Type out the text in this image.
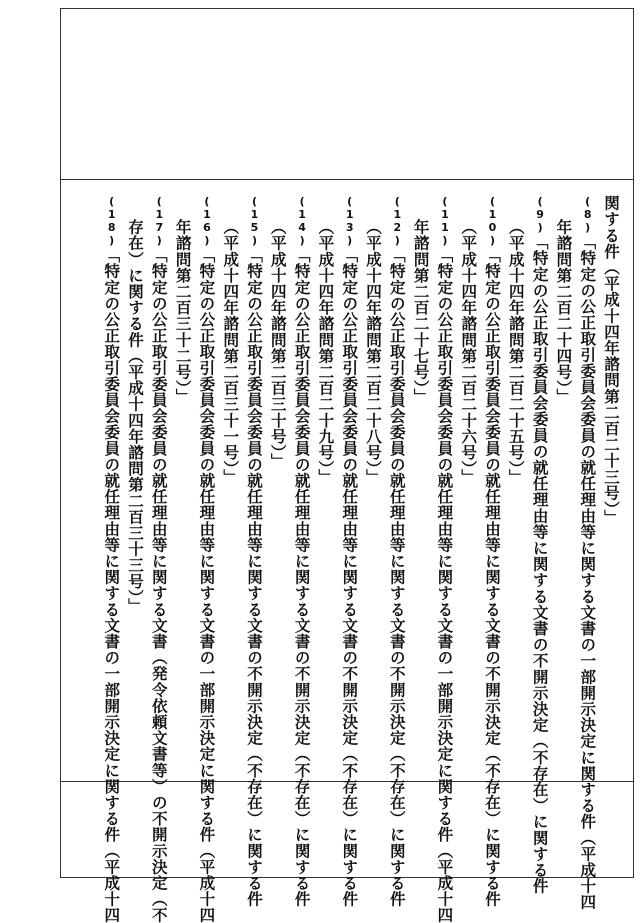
関する件（平成十四年諮問第二百二十三号）」
(8)「特定の公正取引委員会委員の就任理由等に関する文書の一部開示決定に関する件（平成十四
年諮問第二百二十四号）」
(9)「特定の公正取引委員会委員の就任理由等に関する文書の不開示決定（不存在）に関する件
（平成十四年諮問第二百二十五号）」
(10)「特定の公正取引委員会委員の就任理由等に関する文書の不開示決定（不存在）に関する件
（平成十四年諮問第二百二十六号）」
(11)「特定の公正取引委員会委員の就任理由等に関する文書の一部開示決定に関する件（平成十四
年諮問第二百二十七号）」
(12)「特定の公正取引委員会委員の就任理由等に関する文書の不開示決定（不存在）に関する件
（平成十四年諮問第二百二十八号）」
(13)「特定の公正取引委員会委員の就任理由等に関する文書の不開示決定（不存在）に関する件
（平成十四年諮問第二百二十九号）」
(14)「特定の公正取引委員会委員の就任理由等に関する文書の不開示決定（不存在）に関する件
（平成十四年諮問第二百三十号）」
(15)「特定の公正取引委員会委員の就任理由等に関する文書の不開示決定（不存在）に関する件
（平成十四年諮問第二百三十一号）」
(16)「特定の公正取引委員会委員の就任理由等に関する文書の一部開示決定に関する件（平成十四
年諮問第二百三十二号）」
(17)「特定の公正取引委員会委員の就任理由等に関する文書（発令依頼文書等）の不開示決定（不
存在）に関する件（平成十四年諮問第二百三十三号）」
(18)「特定の公正取引委員会委員の就任理由等に関する文書の一部開示決定に関する件（平成十四
